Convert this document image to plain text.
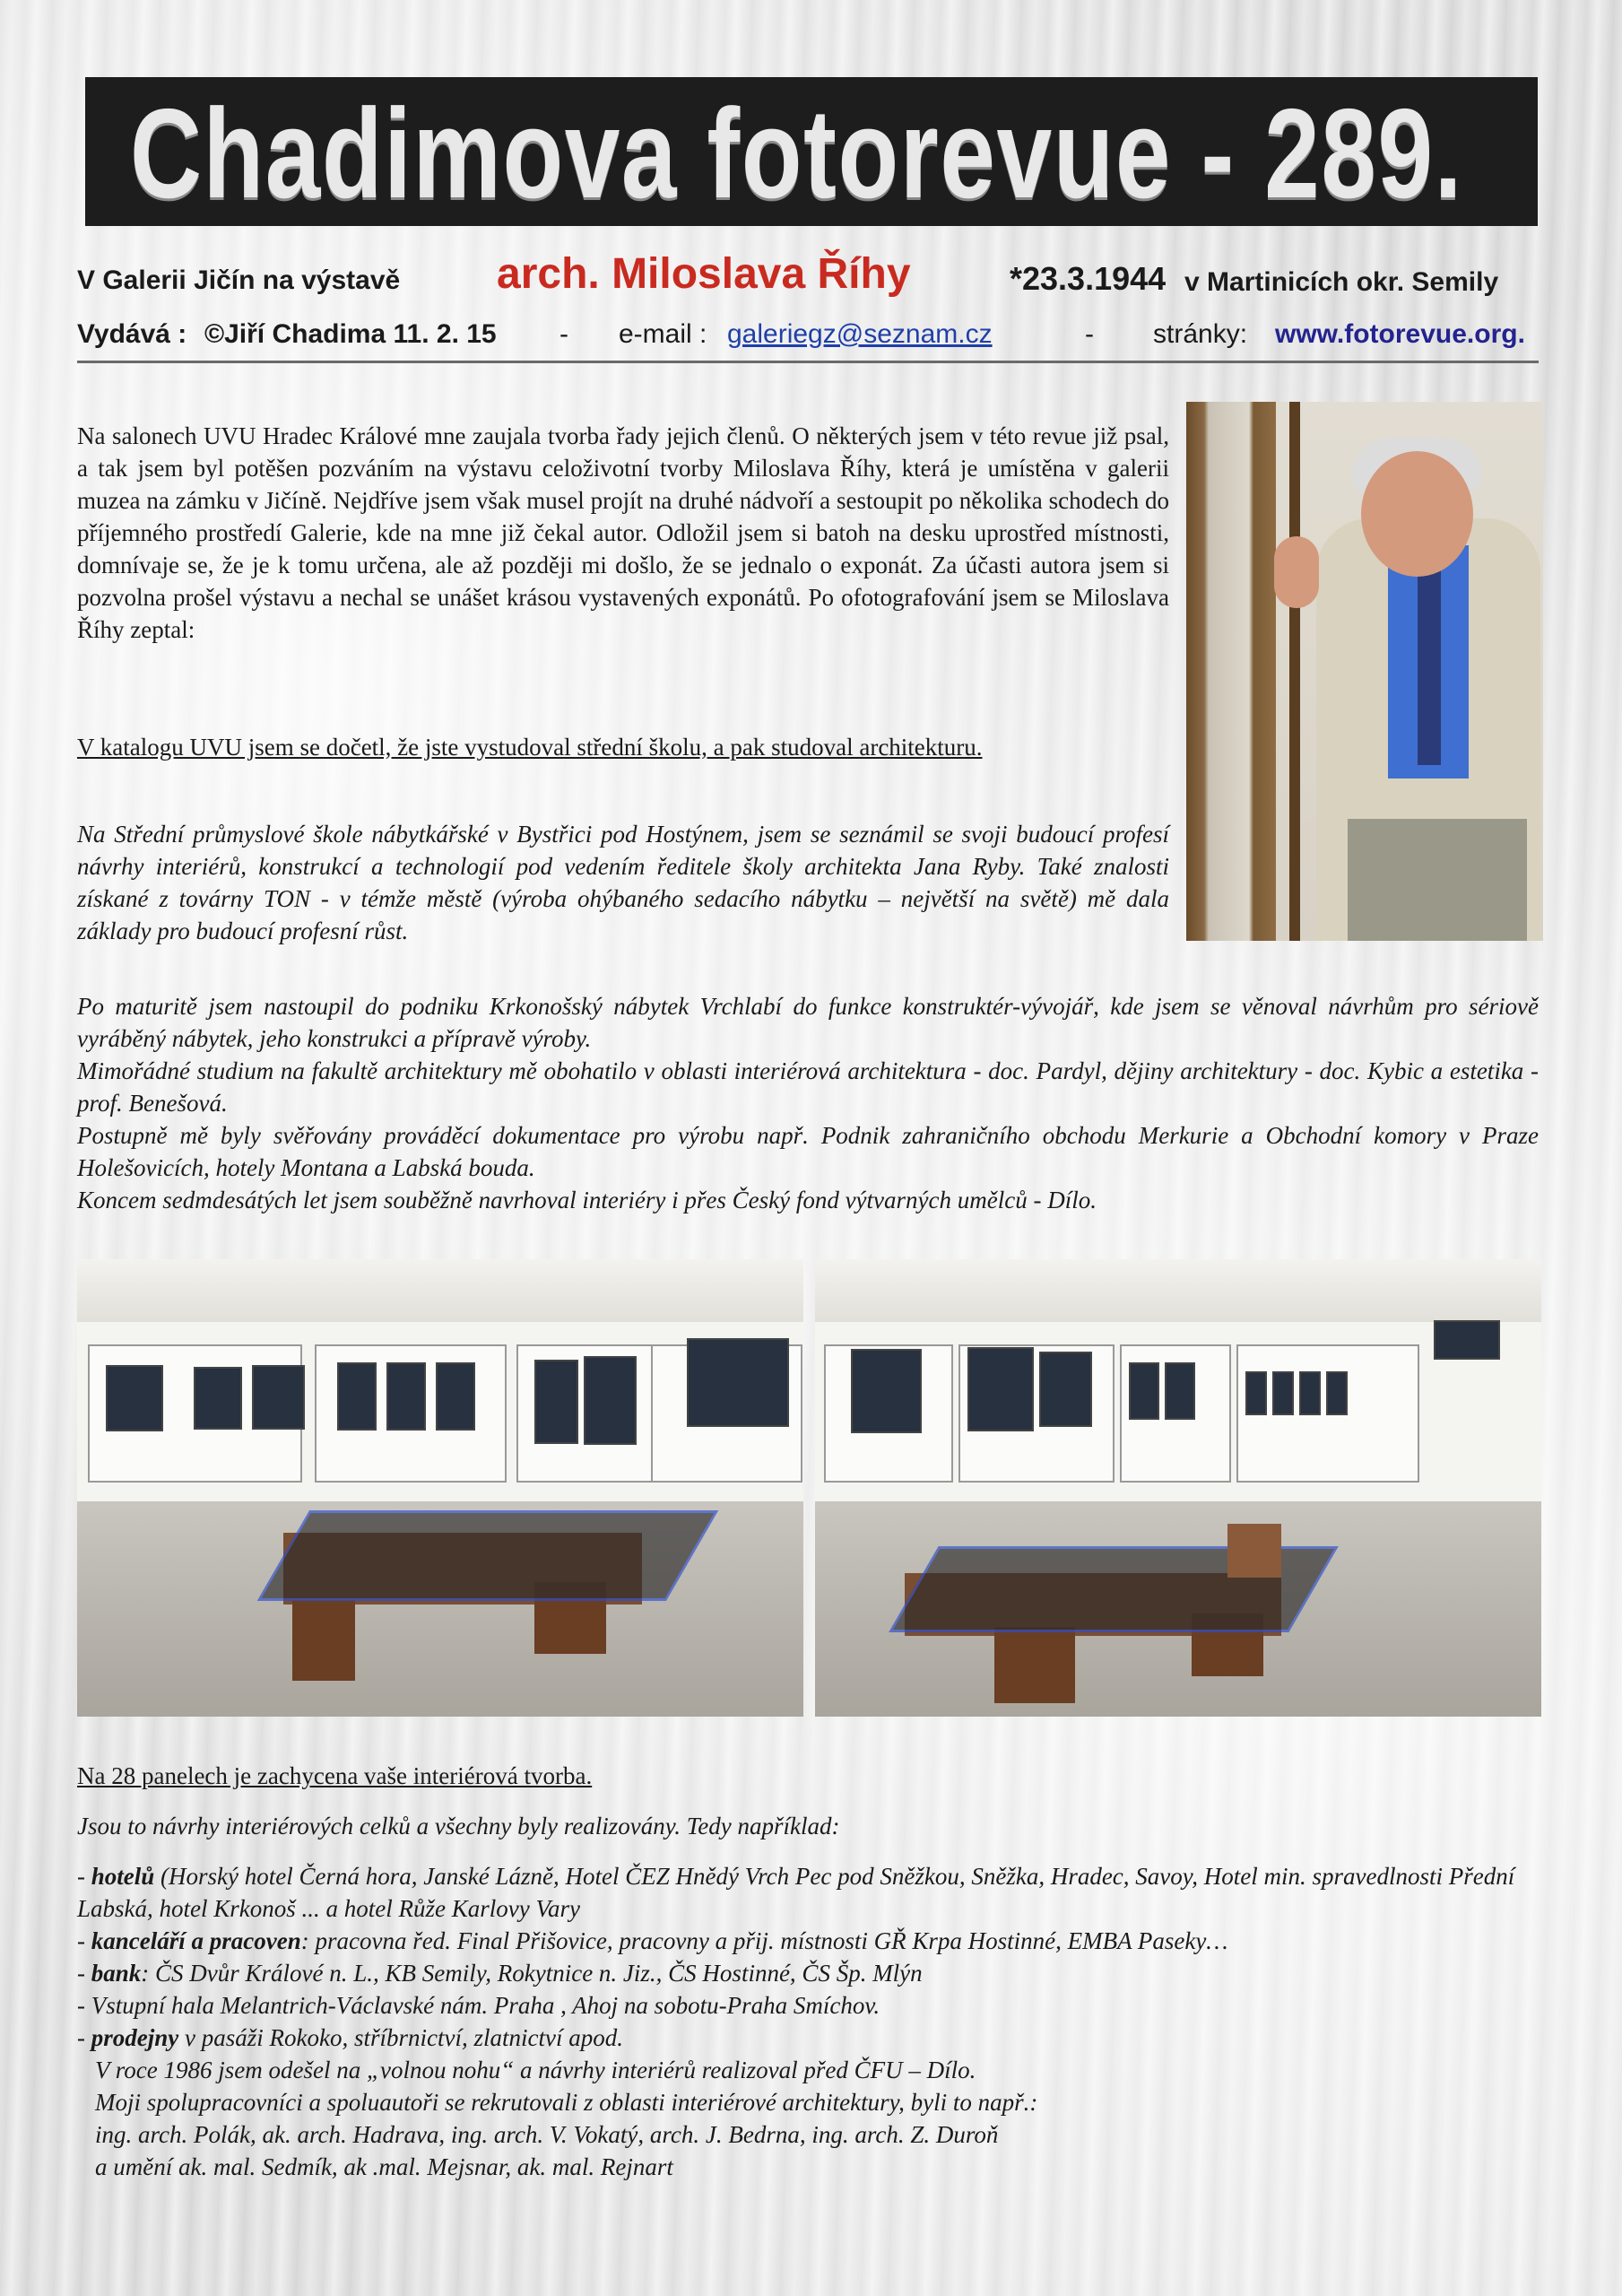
Chadimova fotorevue - 289.
V Galerii Jičín na výstavě arch. Miloslava Říhy	*23.3.1944 v Martinicích okr. Semily
Vydává : ©Jiří Chadima 11. 2. 15 - e-mail : galeriegz@seznam.cz	- stránky: www.fotorevue.org.
Na salonech UVU Hradec Králové mne zaujala tvorba řady jejich členů. O některých jsem v této revue již psal, a tak jsem byl potěšen pozváním na výstavu celoživotní tvorby Miloslava Říhy, která je umístěna v galerii muzea na zámku v Jičíně. Nejdříve jsem však musel projít na druhé nádvoří a sestoupit po několika schodech do příjemného prostředí Galerie, kde na mne již čekal autor. Odložil jsem si batoh na desku uprostřed místnosti, domnívaje se, že je k tomu určena, ale až později mi došlo, že se jednalo o exponát. Za účasti autora jsem si pozvolna prošel výstavu a nechal se unášet krásou vystavených exponátů. Po ofotografování jsem se Miloslava Říhy zeptal:
V katalogu UVU jsem se dočetl, že jste vystudoval střední školu, a pak studoval architekturu.
Na Střední průmyslové škole nábytkářské v Bystřici pod Hostýnem, jsem se seznámil se svoji budoucí profesí návrhy interiérů, konstrukcí a technologií pod vedením ředitele školy architekta Jana Ryby. Také znalosti získané z továrny TON - v témže městě (výroba ohýbaného sedacího nábytku – největší na světě) mě dala základy pro budoucí profesní růst.

Po maturitě jsem nastoupil do podniku Krkonošský nábytek Vrchlabí do funkce konstruktér-vývojář, kde jsem se věnoval návrhům pro sériově vyráběný nábytek, jeho konstrukci a přípravě výroby.

Mimořádné studium na fakultě architektury mě obohatilo v oblasti interiérová architektura - doc. Pardyl, dějiny architektury - doc. Kybic a estetika - prof. Benešová.

Postupně mě byly svěřovány prováděcí dokumentace pro výrobu např. Podnik zahraničního obchodu Merkurie a Obchodní komory v Praze Holešovicích, hotely Montana a Labská bouda.

Koncem sedmdesátých let jsem souběžně navrhoval interiéry i přes Český fond výtvarných umělců - Dílo.

Na 28 panelech je zachycena vaše interiérová tvorba.
Jsou to návrhy interiérových celků a všechny byly realizovány. Tedy například:

- hotelů (Horský hotel Černá hora, Janské Lázně, Hotel ČEZ Hnědý Vrch Pec pod Sněžkou, Sněžka, Hradec, Savoy, Hotel min. spravedlnosti Přední Labská, hotel Krkonoš ... a hotel Růže Karlovy Vary

- kanceláří a pracoven: pracovna řed. Final Přišovice, pracovny a přij. místnosti GŘ Krpa Hostinné, EMBA Paseky…

- bank: ČS Dvůr Králové n. L., KB Semily, Rokytnice n. Jiz., ČS Hostinné, ČS Šp. Mlýn

- Vstupní hala Melantrich-Václavské nám. Praha , Ahoj na sobotu-Praha Smíchov.

- prodejny v pasáži Rokoko, stříbrnictví, zlatnictví apod.

V roce 1986 jsem odešel na „volnou nohu“ a návrhy interiérů realizoval před ČFU – Dílo.

Moji spolupracovníci a spoluautoři se rekrutovali z oblasti interiérové architektury, byli to např.:

ing. arch. Polák, ak. arch. Hadrava, ing. arch. V. Vokatý, arch. J. Bedrna, ing. arch. Z. Duroň

a umění ak. mal. Sedmík, ak .mal. Mejsnar, ak. mal. Rejnart
